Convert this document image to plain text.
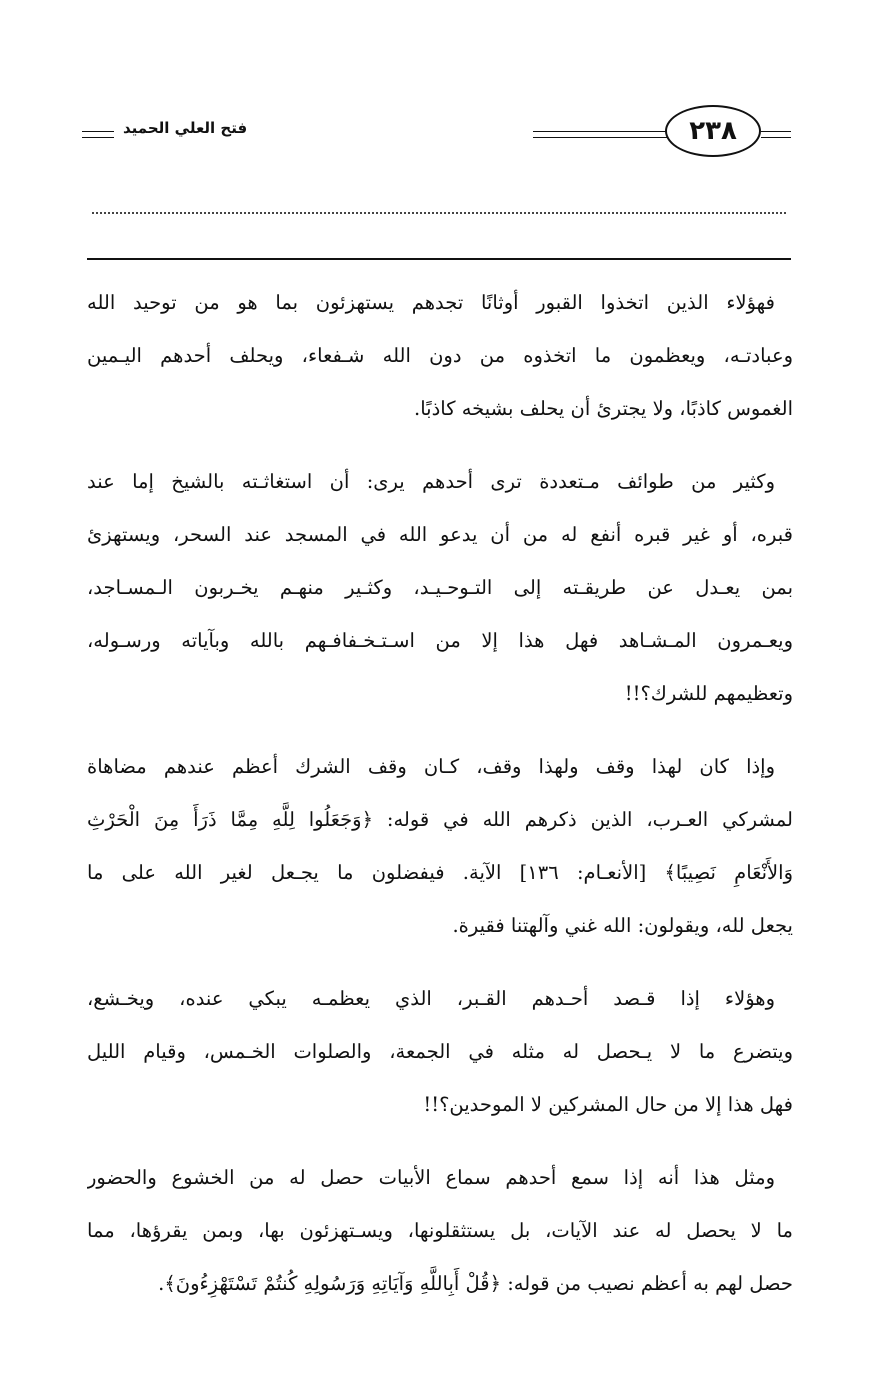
فتح العلي الحميد	٢٣٨
فهؤلاء الذين اتخذوا القبور أوثانًا تجدهم يستهزئون بما هو من توحيد الله
وعبادتـه، ويعظمون ما اتخذوه من دون الله شـفعاء، ويحلف أحدهم اليـمين
الغموس كاذبًا، ولا يجترئ أن يحلف بشيخه كاذبًا.
وكثير من طوائف مـتعددة ترى أحدهم يرى: أن استغاثـته بالشيخ إما عند
قبره، أو غير قبره أنفع له من أن يدعو الله في المسجد عند السحر، ويستهزئ
بمن يعـدل عن طريقـته إلى التـوحـيـد، وكثـير منهـم يخـربون الـمسـاجد،
ويعـمرون المـشـاهد فهل هذا إلا من اسـتـخـفافـهم بالله وبآياته ورسـوله،
وتعظيمهم للشرك؟!!
وإذا كان لهذا وقف ولهذا وقف، كـان وقف الشرك أعظم عندهم مضاهاة
لمشركي العـرب، الذين ذكرهم الله في قوله: ﴿وَجَعَلُوا لِلَّهِ مِمَّا ذَرَأَ مِنَ الْحَرْثِ
وَالأَنْعَامِ نَصِيبًا﴾ [الأنعـام: ١٣٦] الآية. فيفضلون ما يجـعل لغير الله على ما
يجعل لله، ويقولون: الله غني وآلهتنا فقيرة.
وهؤلاء إذا قـصد أحـدهم القـبر، الذي يعظمـه يبكي عنده، ويخـشع،
ويتضرع ما لا يـحصل له مثله في الجمعة، والصلوات الخـمس، وقيام الليل
فهل هذا إلا من حال المشركين لا الموحدين؟!!
ومثل هذا أنه إذا سمع أحدهم سماع الأبيات حصل له من الخشوع والحضور
ما لا يحصل له عند الآيات، بل يستثقلونها، ويسـتهزئون بها، وبمن يقرؤها، مما
حصل لهم به أعظم نصيب من قوله: ﴿قُلْ أَبِاللَّهِ وَآيَاتِهِ وَرَسُولِهِ كُنتُمْ تَسْتَهْزِءُونَ﴾.
